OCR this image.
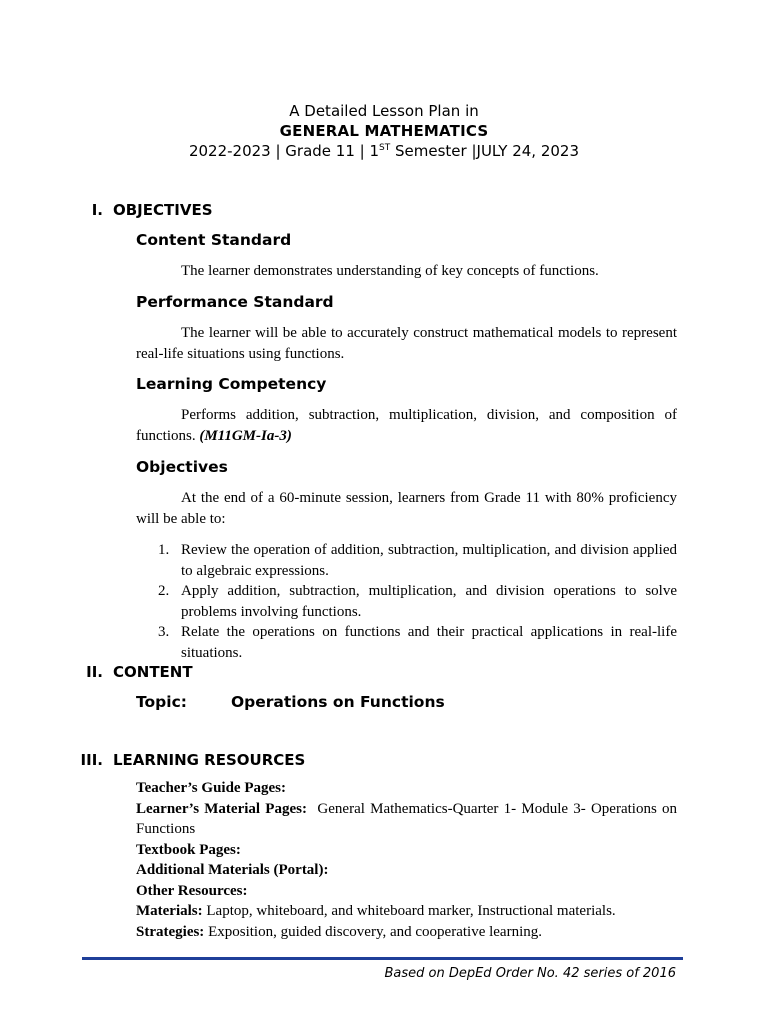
A Detailed Lesson Plan in
GENERAL MATHEMATICS
2022-2023 | Grade 11 | 1ST Semester |JULY 24, 2023
I. OBJECTIVES
Content Standard
The learner demonstrates understanding of key concepts of functions.
Performance Standard
The learner will be able to accurately construct mathematical models to represent real-life situations using functions.
Learning Competency
Performs addition, subtraction, multiplication, division, and composition of functions. (M11GM-Ia-3)
Objectives
At the end of a 60-minute session, learners from Grade 11 with 80% proficiency will be able to:
1. Review the operation of addition, subtraction, multiplication, and division applied to algebraic expressions.
2. Apply addition, subtraction, multiplication, and division operations to solve problems involving functions.
3. Relate the operations on functions and their practical applications in real-life situations.
II. CONTENT
Topic:	Operations on Functions
III. LEARNING RESOURCES
Teacher’s Guide Pages:
Learner’s Material Pages: General Mathematics-Quarter 1- Module 3- Operations on Functions
Textbook Pages:
Additional Materials (Portal):
Other Resources:
Materials: Laptop, whiteboard, and whiteboard marker, Instructional materials.
Strategies: Exposition, guided discovery, and cooperative learning.
Based on DepEd Order No. 42 series of 2016
